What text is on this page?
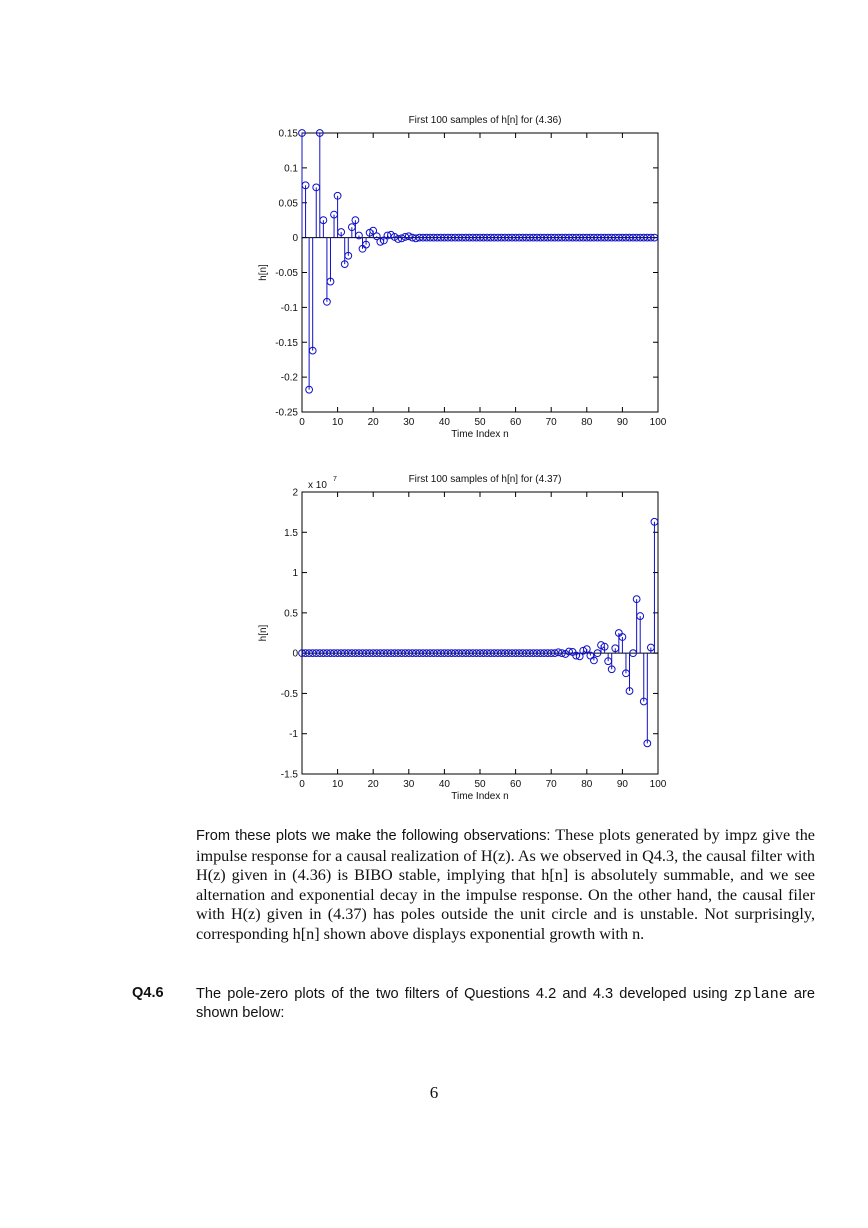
0	10 20 30 40 50 60 70 80 90 100
0.15
0.1
0.05
0
-0.05
-0.1
-0.15
-0.2
-0.25
First 100 samples of h[n] for (4.36)
Time Index n
h[n]
0	10 20 30 40 50 60 70 80 90 100
2
1.5
1
0.5
0
-0.5
-1
-1.5
First 100 samples of h[n] for (4.37)
Time Index n
h[n]
x 10
7
From these plots we make the following observations: These plots generated by impz give the impulse response for a causal realization of H(z). As we observed in Q4.3, the causal filter with H(z) given in (4.36) is BIBO stable, implying that h[n] is absolutely summable, and we see alternation and exponential decay in the impulse response. On the other hand, the causal filer with H(z) given in (4.37) has poles outside the unit circle and is unstable. Not surprisingly, corresponding h[n] shown above displays exponential growth with n.
Q4.6 The pole-zero plots of the two filters of Questions 4.2 and 4.3 developed using zplane are shown below:
6
